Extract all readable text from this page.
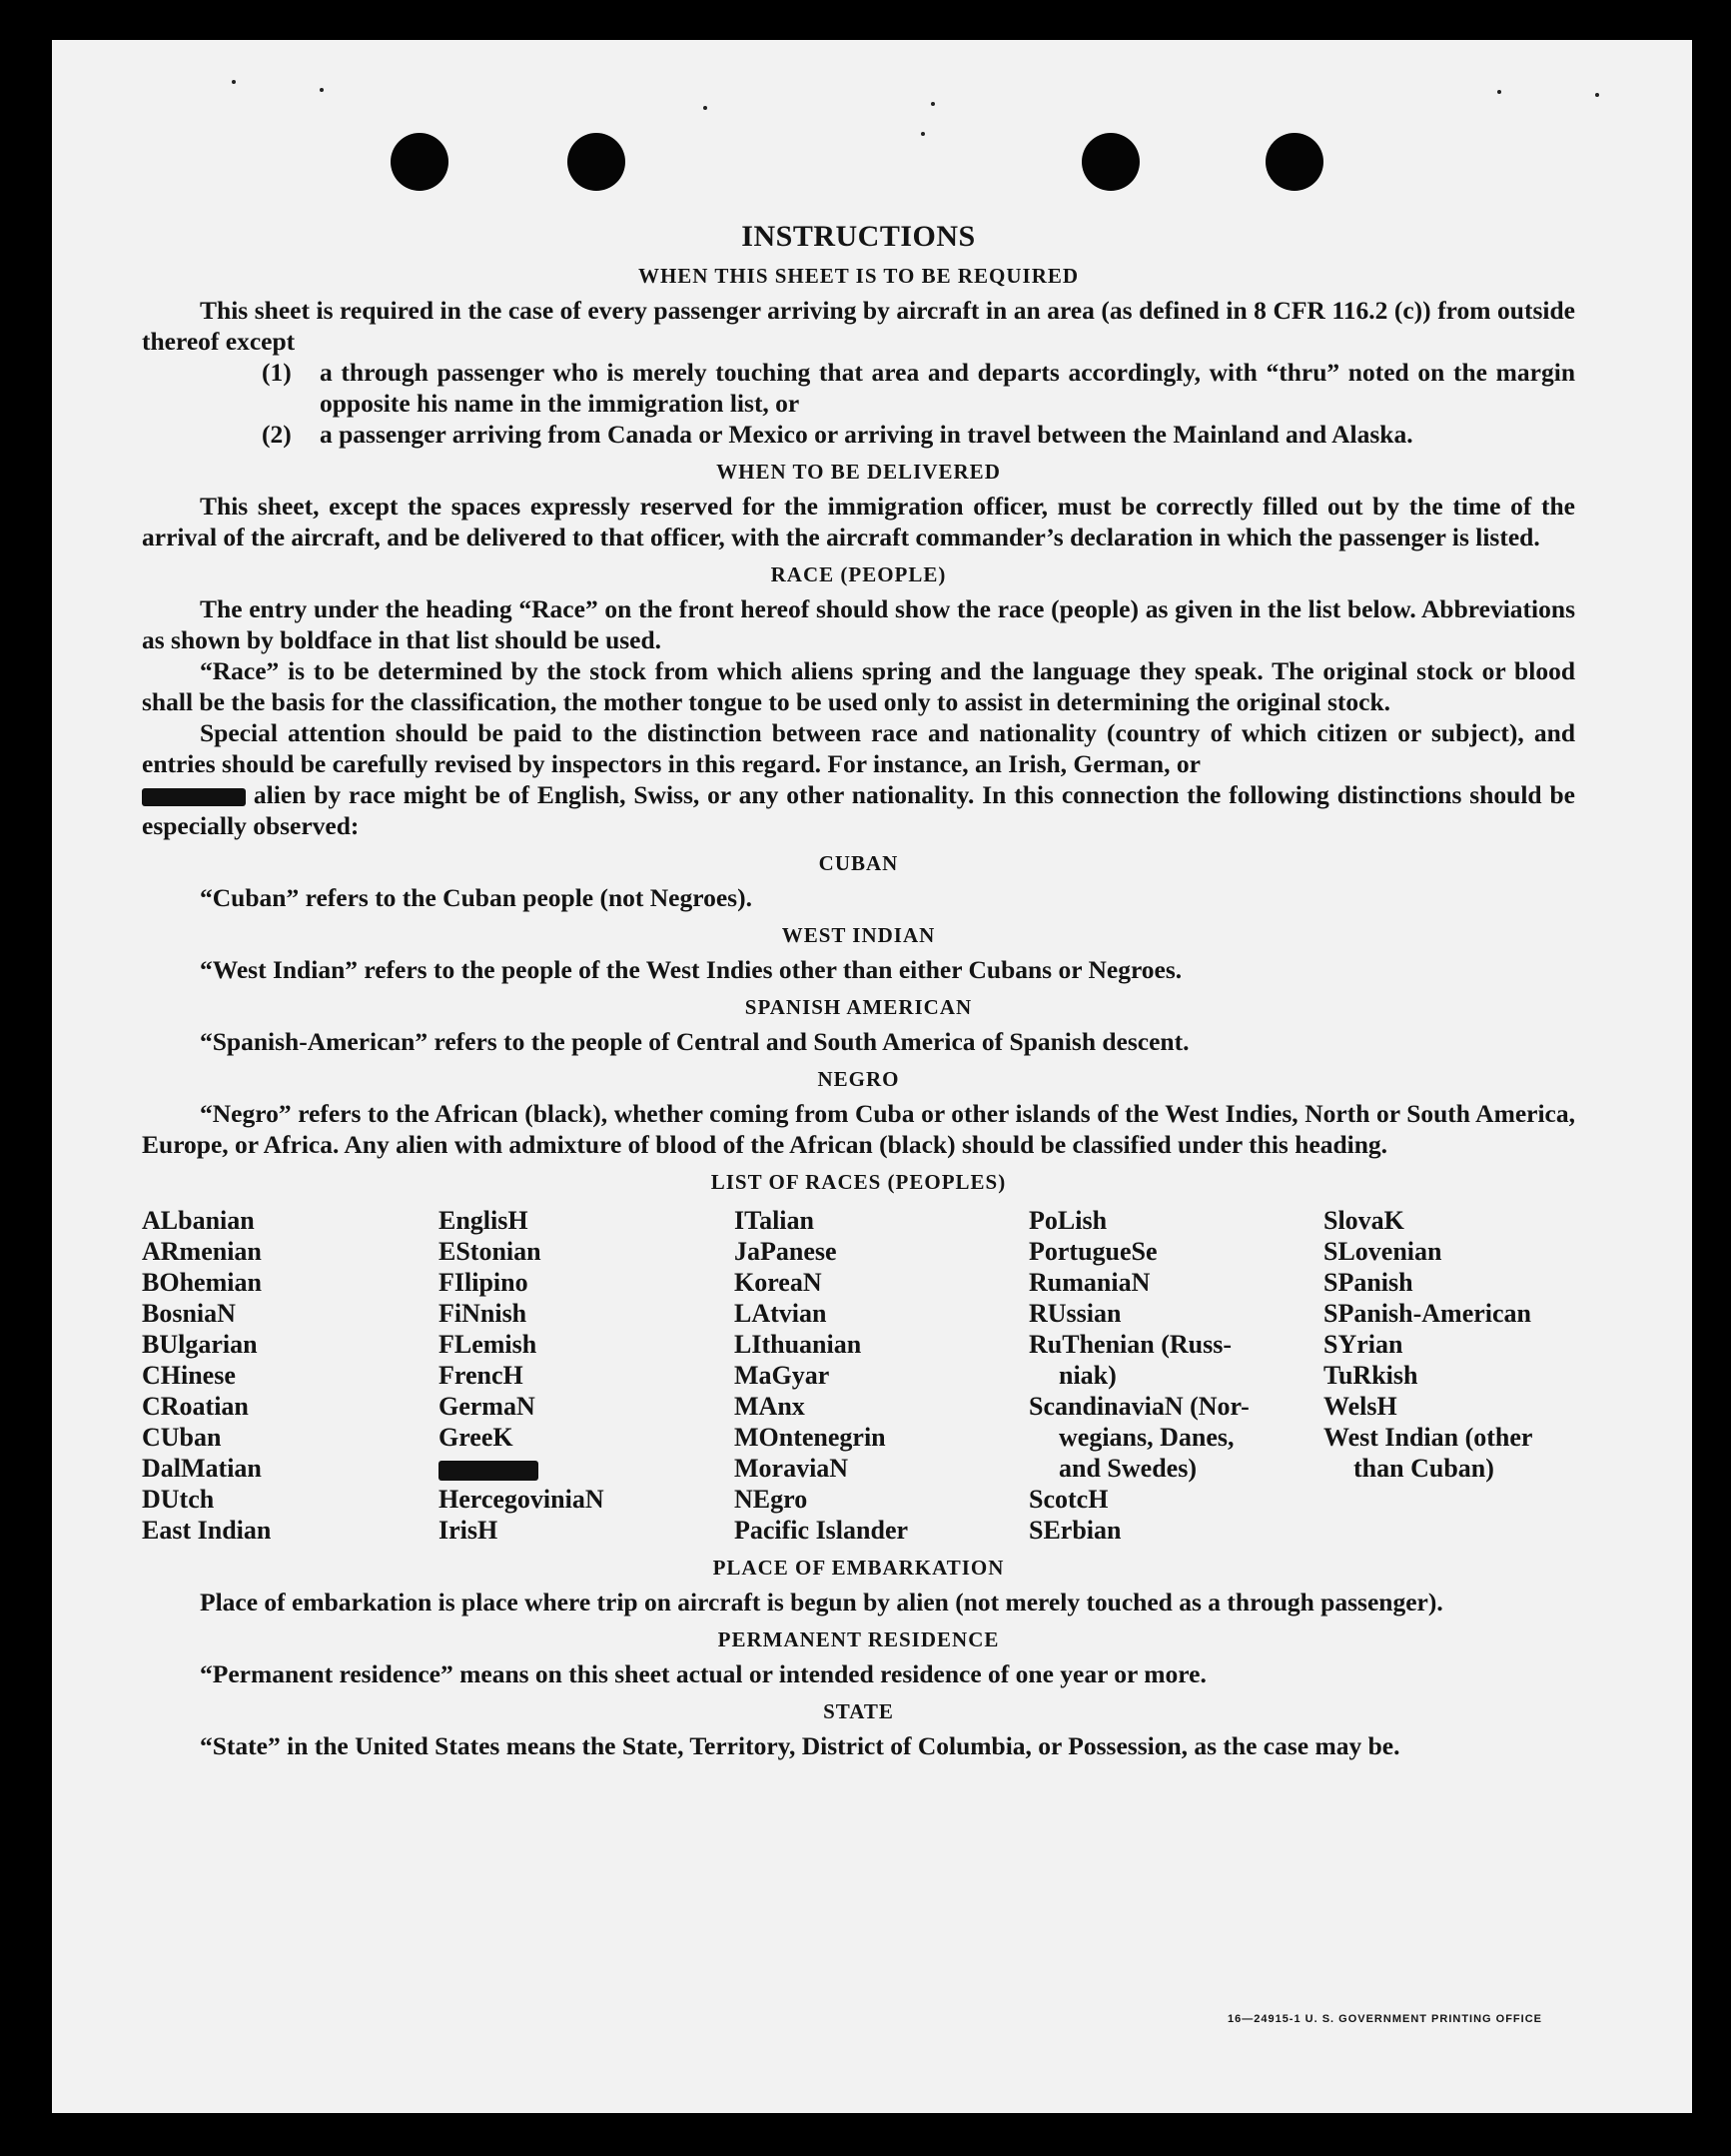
INSTRUCTIONS
WHEN THIS SHEET IS TO BE REQUIRED

This sheet is required in the case of every passenger arriving by aircraft in an area (as defined in 8 CFR 116.2 (c)) from outside thereof except

(1)	a through passenger who is merely touching that area and departs accordingly, with “thru” noted on the margin opposite his name in the immigration list, or
(2)	a passenger arriving from Canada or Mexico or arriving in travel between the Mainland and Alaska.
WHEN TO BE DELIVERED

This sheet, except the spaces expressly reserved for the immigration officer, must be correctly filled out by the time of the arrival of the aircraft, and be delivered to that officer, with the aircraft commander’s declaration in which the passenger is listed.

RACE (PEOPLE)

The entry under the heading “Race” on the front hereof should show the race (people) as given in the list below. Abbreviations as shown by boldface in that list should be used.

“Race” is to be determined by the stock from which aliens spring and the language they speak. The original stock or blood shall be the basis for the classification, the mother tongue to be used only to assist in determining the original stock.

Special attention should be paid to the distinction between race and nationality (country of which citizen or subject), and entries should be carefully revised by inspectors in this regard. For instance, an Irish, German, or
alien by race might be of English, Swiss, or any other nationality. In this connection the following distinctions should be especially observed:

CUBAN

“Cuban” refers to the Cuban people (not Negroes).

WEST INDIAN

“West Indian” refers to the people of the West Indies other than either Cubans or Negroes.

SPANISH AMERICAN

“Spanish-American” refers to the people of Central and South America of Spanish descent.

NEGRO

“Negro” refers to the African (black), whether coming from Cuba or other islands of the West Indies, North or South America, Europe, or Africa. Any alien with admixture of blood of the African (black) should be classified under this heading.

LIST OF RACES (PEOPLES)
ALbanian
ARmenian
BOhemian
BosniaN
BUlgarian
CHinese
CRoatian
CUban
DalMatian
DUtch
East Indian
EnglisH
EStonian
FIlipino
FiNnish
FLemish
FrencH
GermaN
GreeK
HercegoviniaN
IrisH
ITalian
JaPanese
KoreaN
LAtvian
LIthuanian
MaGyar
MAnx
MOntenegrin
MoraviaN
NEgro
Pacific Islander
PoLish
PortugueSe
RumaniaN
RUssian
RuThenian (Russ-
niak)
ScandinaviaN (Nor-
wegians, Danes,
and Swedes)
ScotcH
SErbian
SlovaK
SLovenian
SPanish
SPanish-American
SYrian
TuRkish
WelsH
West Indian (other
than Cuban)
PLACE OF EMBARKATION

Place of embarkation is place where trip on aircraft is begun by alien (not merely touched as a through passenger).

PERMANENT RESIDENCE

“Permanent residence” means on this sheet actual or intended residence of one year or more.

STATE

“State” in the United States means the State, Territory, District of Columbia, or Possession, as the case may be.

16—24915-1 U. S. GOVERNMENT PRINTING OFFICE
